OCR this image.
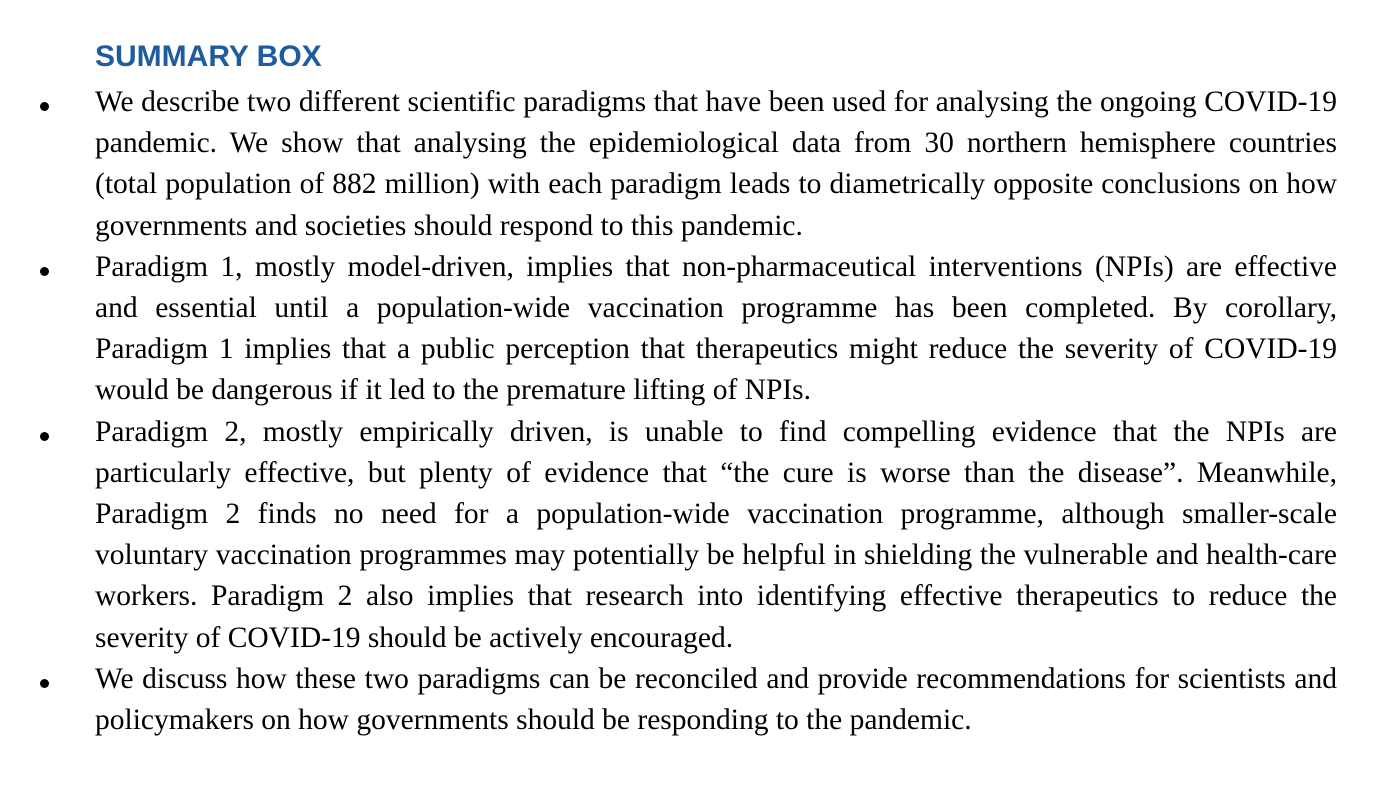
SUMMARY BOX
We describe two different scientific paradigms that have been used for analysing the ongoing COVID-19 pandemic. We show that analysing the epidemiological data from 30 northern hemisphere countries (total population of 882 million) with each paradigm leads to diametrically opposite conclusions on how governments and societies should respond to this pandemic.
Paradigm 1, mostly model-driven, implies that non-pharmaceutical interventions (NPIs) are effective and essential until a population-wide vaccination programme has been completed. By corollary, Paradigm 1 implies that a public perception that therapeutics might reduce the severity of COVID-19 would be dangerous if it led to the premature lifting of NPIs.
Paradigm 2, mostly empirically driven, is unable to find compelling evidence that the NPIs are particularly effective, but plenty of evidence that “the cure is worse than the disease”. Meanwhile, Paradigm 2 finds no need for a population-wide vaccination programme, although smaller-scale voluntary vaccination programmes may potentially be helpful in shielding the vulnerable and health-care workers. Paradigm 2 also implies that research into identifying effective therapeutics to reduce the severity of COVID-19 should be actively encouraged.
We discuss how these two paradigms can be reconciled and provide recommendations for scientists and policymakers on how governments should be responding to the pandemic.
